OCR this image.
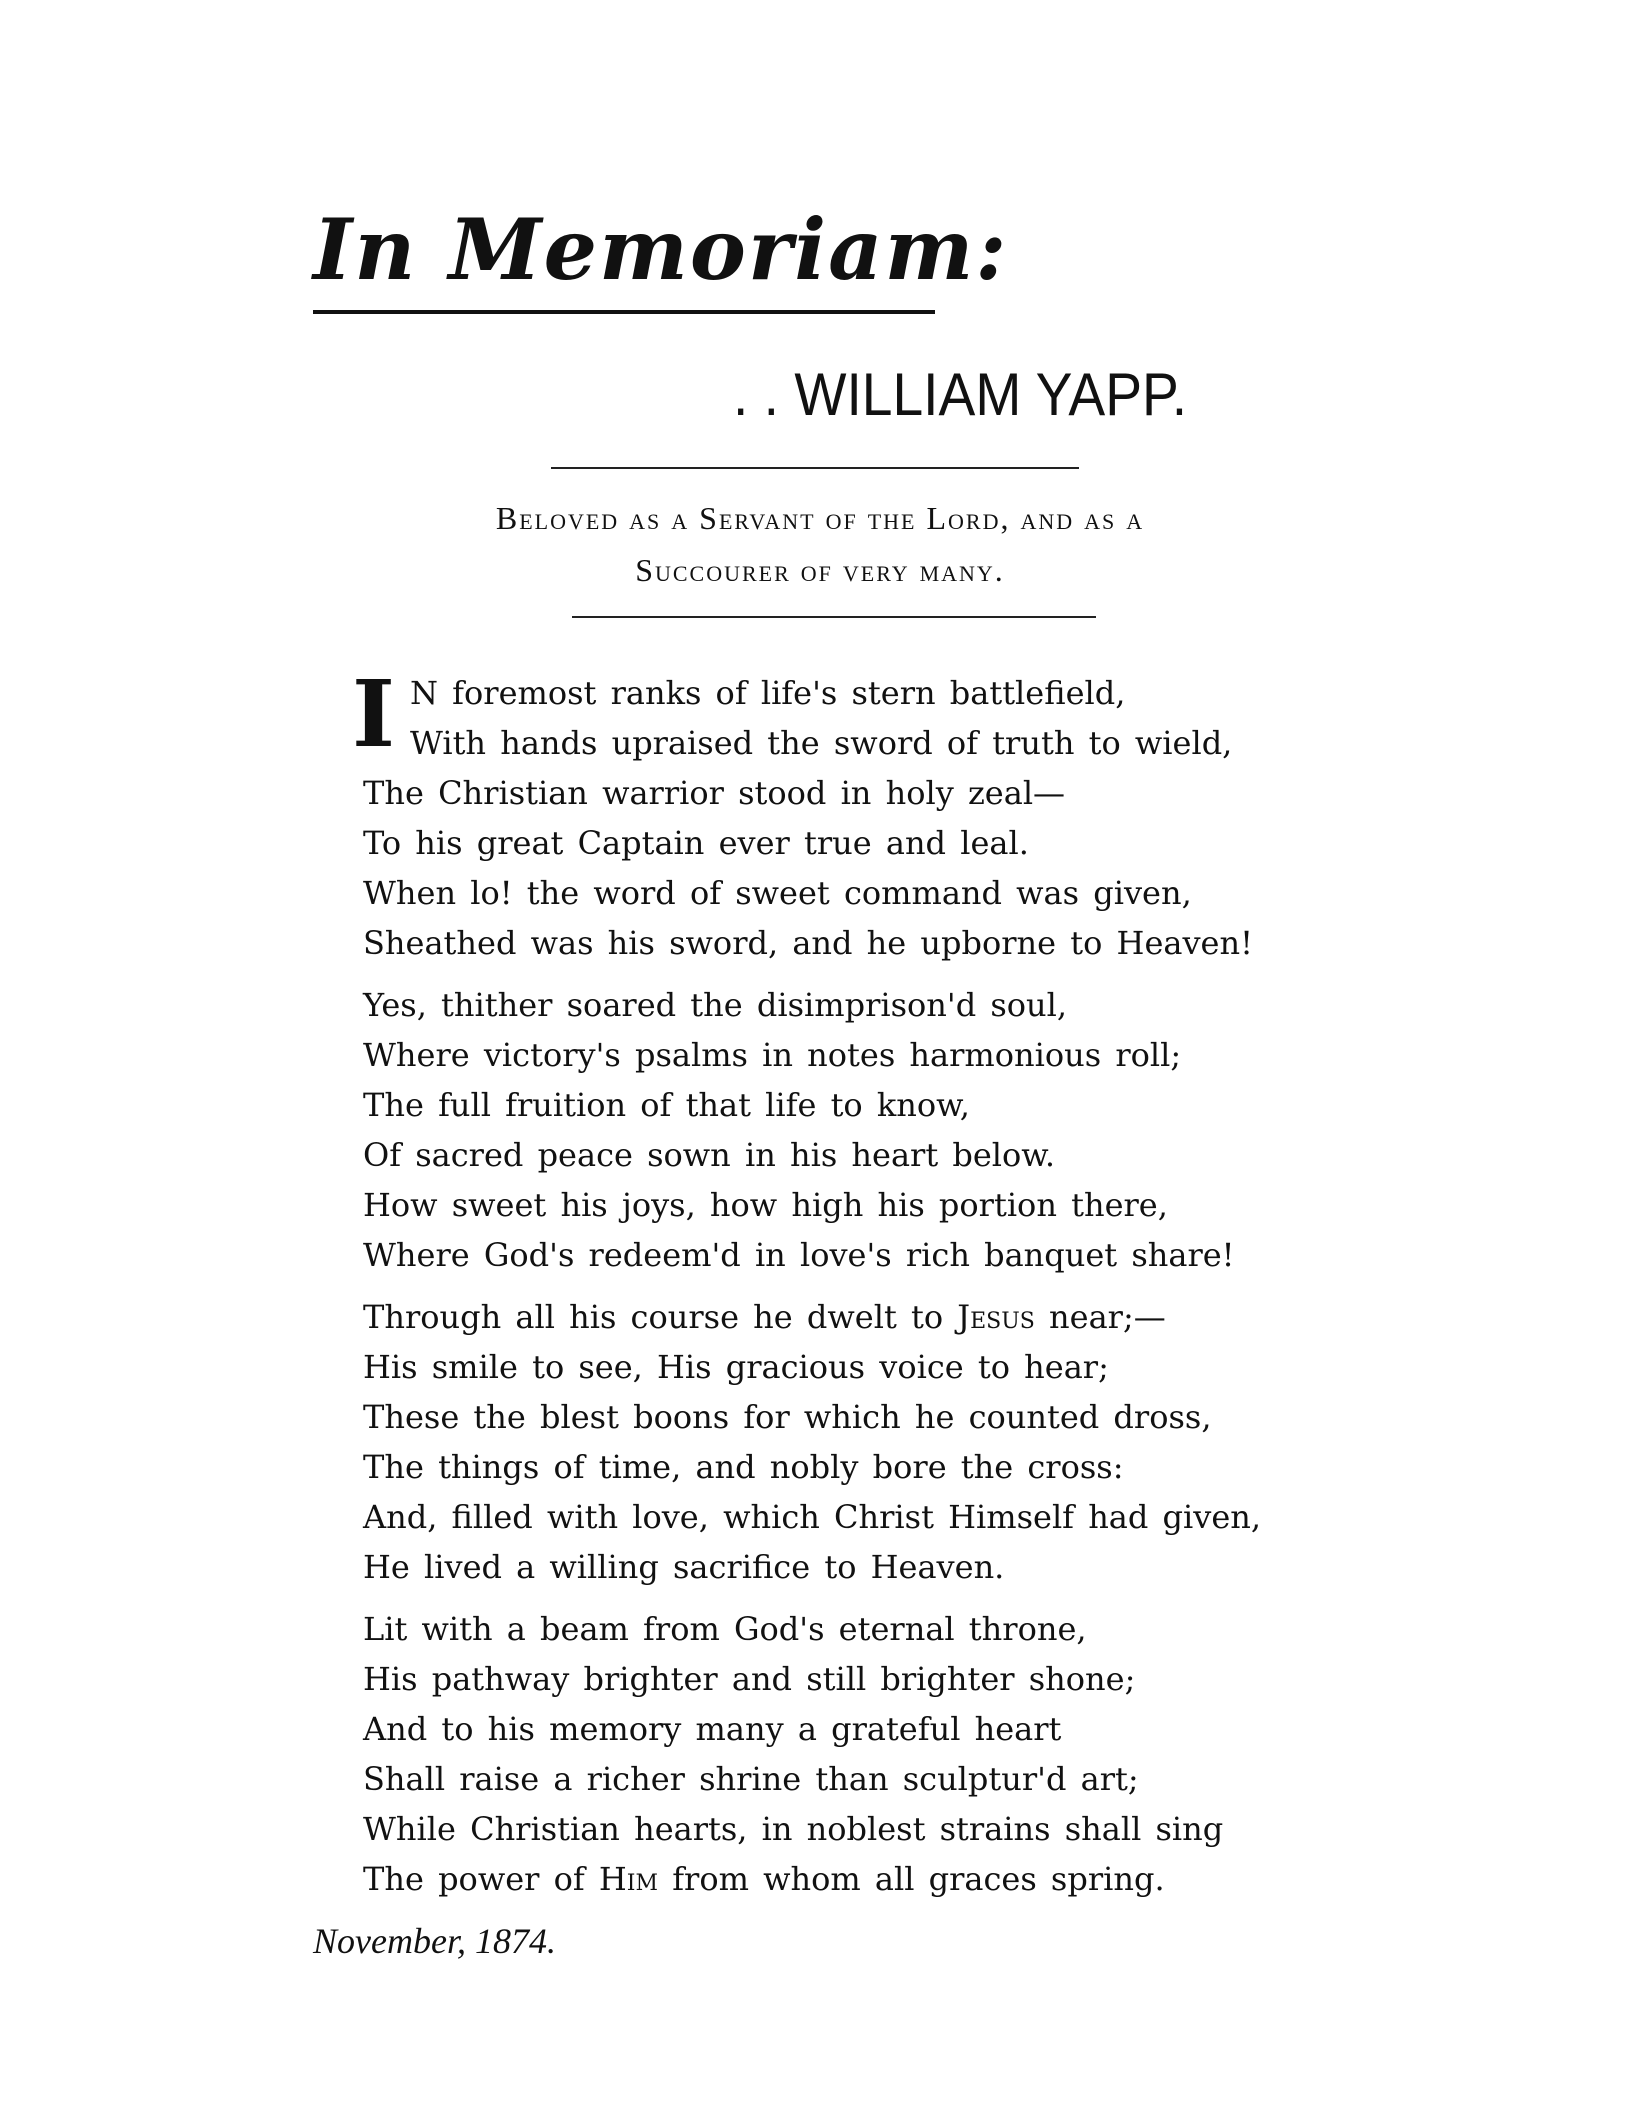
In Memoriam:
. . WILLIAM YAPP.
Beloved as a Servant of the Lord, and as a
Succourer of very many.
I N foremost ranks of life's stern battlefield,
With hands upraised the sword of truth to wield,
The Christian warrior stood in holy zeal—
To his great Captain ever true and leal.
When lo! the word of sweet command was given,
Sheathed was his sword, and he upborne to Heaven!
Yes, thither soared the disimprison'd soul,
Where victory's psalms in notes harmonious roll;
The full fruition of that life to know,
Of sacred peace sown in his heart below.
How sweet his joys, how high his portion there,
Where God's redeem'd in love's rich banquet share!
Through all his course he dwelt to Jesus near;—
His smile to see, His gracious voice to hear;
These the blest boons for which he counted dross,
The things of time, and nobly bore the cross:
And, filled with love, which Christ Himself had given,
He lived a willing sacrifice to Heaven.
Lit with a beam from God's eternal throne,
His pathway brighter and still brighter shone;
And to his memory many a grateful heart
Shall raise a richer shrine than sculptur'd art;
While Christian hearts, in noblest strains shall sing
The power of Him from whom all graces spring.
November, 1874.
